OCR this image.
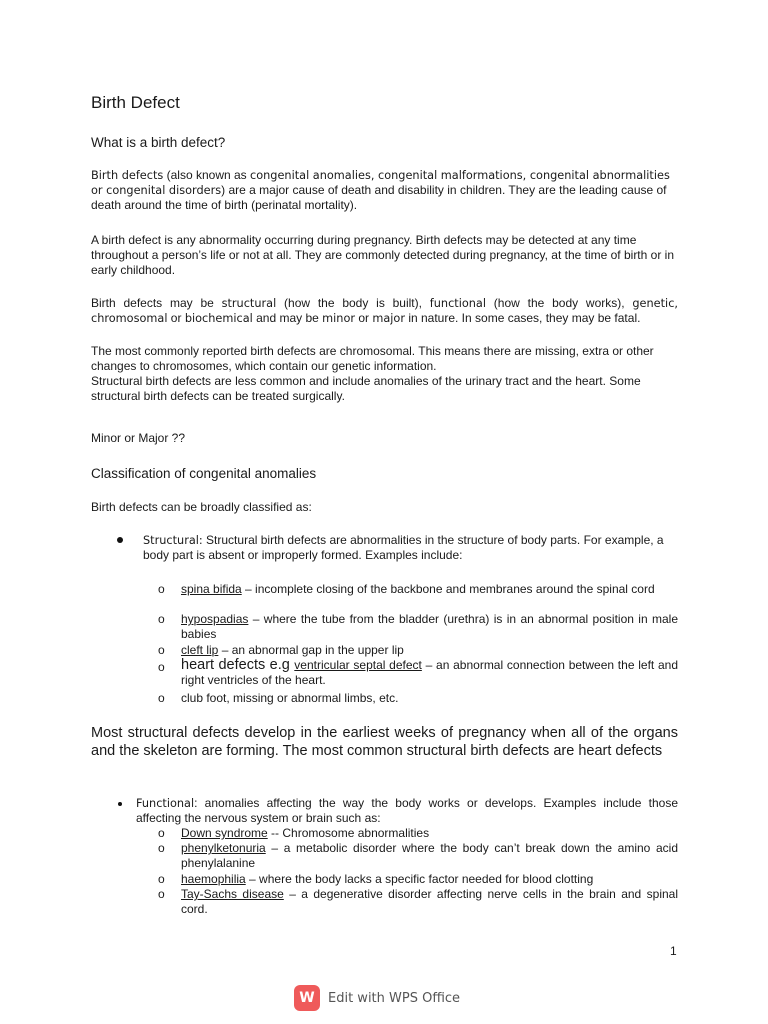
Birth Defect
What is a birth defect?
Birth defects (also known as congenital anomalies, congenital malformations, congenital abnormalities or congenital disorders) are a major cause of death and disability in children. They are the leading cause of death around the time of birth (perinatal mortality).
A birth defect is any abnormality occurring during pregnancy. Birth defects may be detected at any time throughout a person’s life or not at all. They are commonly detected during pregnancy, at the time of birth or in early childhood.
Birth defects may be structural (how the body is built), functional (how the body works), genetic, chromosomal or biochemical and may be minor or major in nature. In some cases, they may be fatal.
The most commonly reported birth defects are chromosomal. This means there are missing, extra or other changes to chromosomes, which contain our genetic information.
Structural birth defects are less common and include anomalies of the urinary tract and the heart. Some structural birth defects can be treated surgically.
Minor or Major ??
Classification of congenital anomalies
Birth defects can be broadly classified as:
Structural: Structural birth defects are abnormalities in the structure of body parts. For example, a body part is absent or improperly formed. Examples include:
o spina bifida – incomplete closing of the backbone and membranes around the spinal cord
o hypospadias – where the tube from the bladder (urethra) is in an abnormal position in male babies
o cleft lip – an abnormal gap in the upper lip
o heart defects e.g ventricular septal defect – an abnormal connection between the left and right ventricles of the heart.
o club foot, missing or abnormal limbs, etc.
Most structural defects develop in the earliest weeks of pregnancy when all of the organs and the skeleton are forming. The most common structural birth defects are heart defects
Functional: anomalies affecting the way the body works or develops. Examples include those affecting the nervous system or brain such as:
o Down syndrome -- Chromosome abnormalities
o phenylketonuria – a metabolic disorder where the body can’t break down the amino acid phenylalanine
o haemophilia – where the body lacks a specific factor needed for blood clotting
o Tay-Sachs disease – a degenerative disorder affecting nerve cells in the brain and spinal cord.
1
W	Edit with WPS Office
